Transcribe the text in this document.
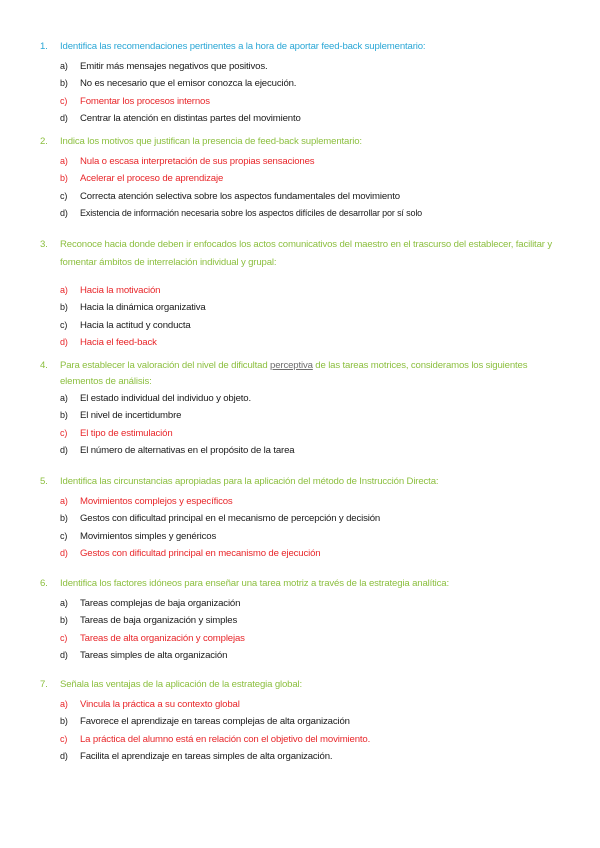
1. Identifica las recomendaciones pertinentes a la hora de aportar feed-back suplementario:
a) Emitir más mensajes negativos que positivos.
b) No es necesario que el emisor conozca la ejecución.
c) Fomentar los procesos internos
d) Centrar la atención en distintas partes del movimiento
2. Indica los motivos que justifican la presencia de feed-back suplementario:
a) Nula o escasa interpretación de sus propias sensaciones
b) Acelerar el proceso de aprendizaje
c) Correcta atención selectiva sobre los aspectos fundamentales del movimiento
d) Existencia de información necesaria sobre los aspectos difíciles de desarrollar por sí solo
3. Reconoce hacia donde deben ir enfocados los actos comunicativos del maestro en el trascurso del establecer, facilitar y fomentar ámbitos de interrelación individual y grupal:
a) Hacia la motivación
b) Hacia la dinámica organizativa
c) Hacia la actitud y conducta
d) Hacia el feed-back
4. Para establecer la valoración del nivel de dificultad perceptiva de las tareas motrices, consideramos los siguientes elementos de análisis:
a) El estado individual del individuo y objeto.
b) El nivel de incertidumbre
c) El tipo de estimulación
d) El número de alternativas en el propósito de la tarea
5. Identifica las circunstancias apropiadas para la aplicación del método de Instrucción Directa:
a) Movimientos complejos y específicos
b) Gestos con dificultad principal en el mecanismo de percepción y decisión
c) Movimientos simples y genéricos
d) Gestos con dificultad principal en mecanismo de ejecución
6. Identifica los factores idóneos para enseñar una tarea motriz a través de la estrategia analítica:
a) Tareas complejas de baja organización
b) Tareas de baja organización y simples
c) Tareas de alta organización y complejas
d) Tareas simples de alta organización
7. Señala las ventajas de la aplicación de la estrategia global:
a) Vincula la práctica a su contexto global
b) Favorece el aprendizaje en tareas complejas de alta organización
c) La práctica del alumno está en relación con el objetivo del movimiento.
d) Facilita el aprendizaje en tareas simples de alta organización.
